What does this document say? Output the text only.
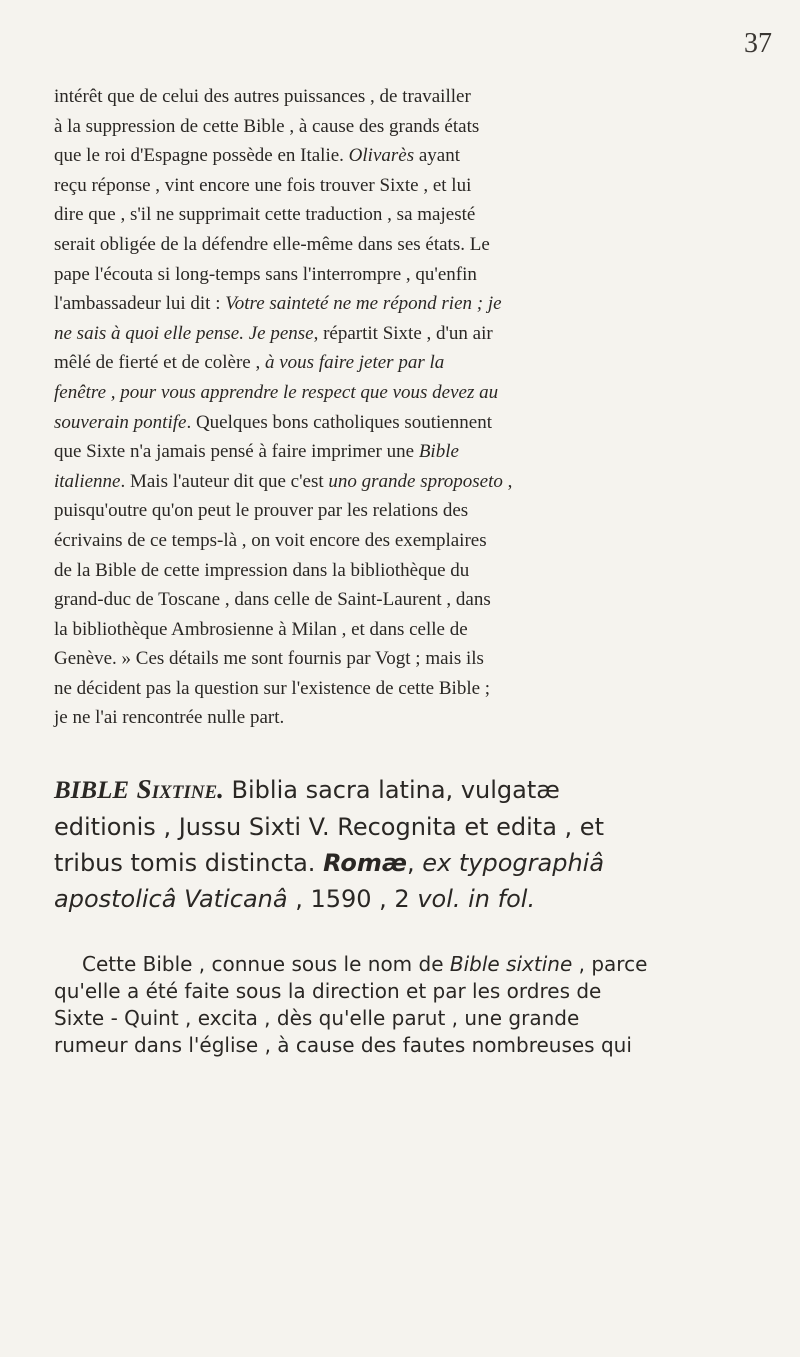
37

intérêt que de celui des autres puissances , de travailler
à la suppression de cette Bible , à cause des grands états
que le roi d'Espagne possède en Italie. Olivarès ayant
reçu réponse , vint encore une fois trouver Sixte , et lui
dire que , s'il ne supprimait cette traduction , sa majesté
serait obligée de la défendre elle-même dans ses états. Le
pape l'écouta si long-temps sans l'interrompre , qu'enfin
l'ambassadeur lui dit : Votre sainteté ne me répond rien ; je
ne sais à quoi elle pense. Je pense, répartit Sixte , d'un air
mêlé de fierté et de colère , à vous faire jeter par la
fenêtre , pour vous apprendre le respect que vous devez au
souverain pontife. Quelques bons catholiques soutiennent
que Sixte n'a jamais pensé à faire imprimer une Bible
italienne. Mais l'auteur dit que c'est uno grande sproposeto ,
puisqu'outre qu'on peut le prouver par les relations des
écrivains de ce temps-là , on voit encore des exemplaires
de la Bible de cette impression dans la bibliothèque du
grand-duc de Toscane , dans celle de Saint-Laurent , dans
la bibliothèque Ambrosienne à Milan , et dans celle de
Genève. » Ces détails me sont fournis par Vogt ; mais ils
ne décident pas la question sur l'existence de cette Bible ;
je ne l'ai rencontrée nulle part.

BIBLE Sixtine. Biblia sacra latina, vulgatæ
editionis , Jussu Sixti V. Recognita et edita , et
tribus tomis distincta. Romæ, ex typographiâ
apostolicâ Vaticanâ , 1590 , 2 vol. in fol.

Cette Bible , connue sous le nom de Bible sixtine , parce
qu'elle a été faite sous la direction et par les ordres de
Sixte - Quint , excita , dès qu'elle parut , une grande
rumeur dans l'église , à cause des fautes nombreuses qui
